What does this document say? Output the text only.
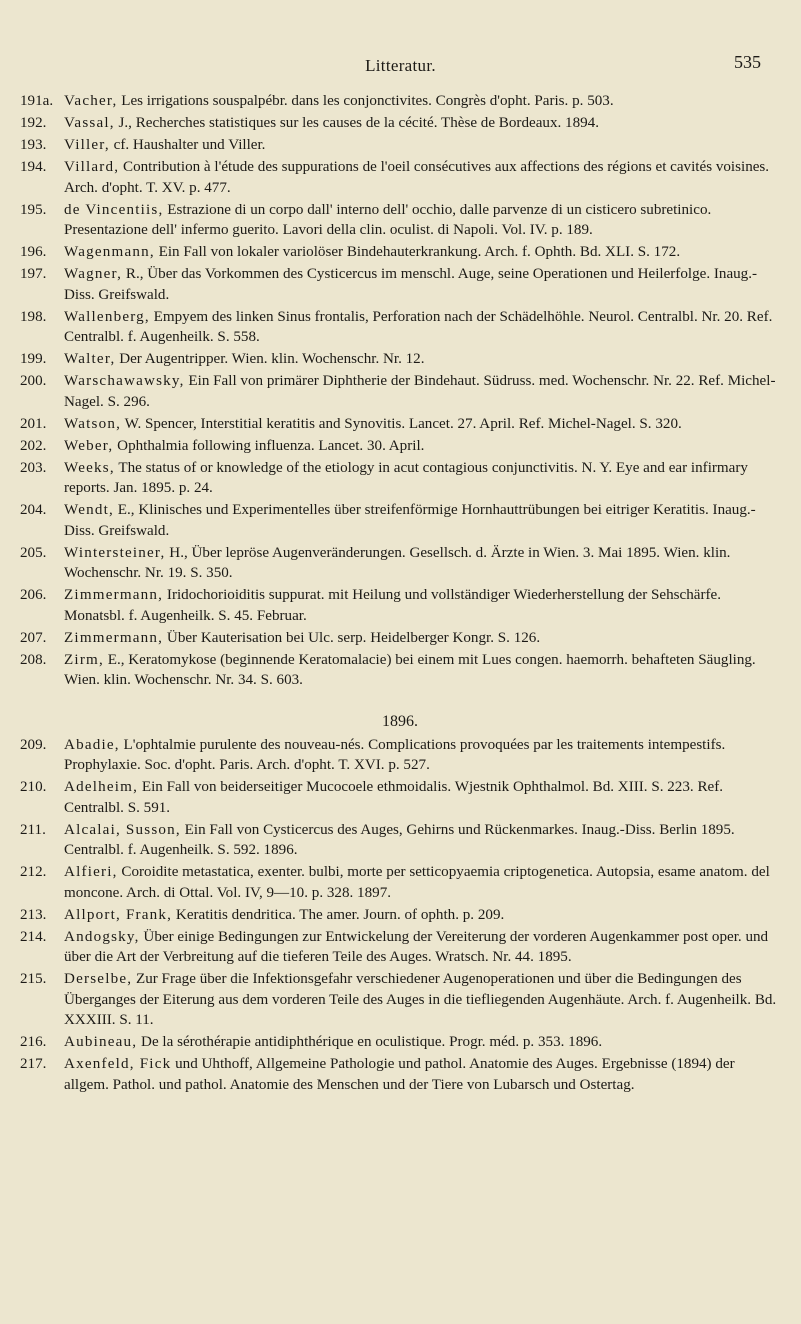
Litteratur.	535
191a. Vacher, Les irrigations souspalpébr. dans les conjonctivites. Congrès d'opht. Paris. p. 503.
192. Vassal, J., Recherches statistiques sur les causes de la cécité. Thèse de Bordeaux. 1894.
193. Viller, cf. Haushalter und Viller.
194. Villard, Contribution à l'étude des suppurations de l'oeil consécutives aux affections des régions et cavités voisines. Arch. d'opht. T. XV. p. 477.
195. de Vincentiis, Estrazione di un corpo dall' interno dell' occhio, dalle parvenze di un cisticero subretinico. Presentazione dell' infermo guerito. Lavori della clin. oculist. di Napoli. Vol. IV. p. 189.
196. Wagenmann, Ein Fall von lokaler variolöser Bindehauterkrankung. Arch. f. Ophth. Bd. XLI. S. 172.
197. Wagner, R., Über das Vorkommen des Cysticercus im menschl. Auge, seine Operationen und Heilerfolge. Inaug.-Diss. Greifswald.
198. Wallenberg, Empyem des linken Sinus frontalis, Perforation nach der Schädelhöhle. Neurol. Centralbl. Nr. 20. Ref. Centralbl. f. Augenheilk. S. 558.
199. Walter, Der Augentripper. Wien. klin. Wochenschr. Nr. 12.
200. Warschawawsky, Ein Fall von primärer Diphtherie der Bindehaut. Südruss. med. Wochenschr. Nr. 22. Ref. Michel-Nagel. S. 296.
201. Watson, W. Spencer, Interstitial keratitis and Synovitis. Lancet. 27. April. Ref. Michel-Nagel. S. 320.
202. Weber, Ophthalmia following influenza. Lancet. 30. April.
203. Weeks, The status of or knowledge of the etiology in acut contagious conjunctivitis. N. Y. Eye and ear infirmary reports. Jan. 1895. p. 24.
204. Wendt, E., Klinisches und Experimentelles über streifenförmige Hornhauttrübungen bei eitriger Keratitis. Inaug.-Diss. Greifswald.
205. Wintersteiner, H., Über lepröse Augenveränderungen. Gesellsch. d. Ärzte in Wien. 3. Mai 1895. Wien. klin. Wochenschr. Nr. 19. S. 350.
206. Zimmermann, Iridochorioiditis suppurat. mit Heilung und vollständiger Wiederherstellung der Sehschärfe. Monatsbl. f. Augenheilk. S. 45. Februar.
207. Zimmermann, Über Kauterisation bei Ulc. serp. Heidelberger Kongr. S. 126.
208. Zirm, E., Keratomykose (beginnende Keratomalacie) bei einem mit Lues congen. haemorrh. behafteten Säugling. Wien. klin. Wochenschr. Nr. 34. S. 603.
1896.
209. Abadie, L'ophtalmie purulente des nouveau-nés. Complications provoquées par les traitements intempestifs. Prophylaxie. Soc. d'opht. Paris. Arch. d'opht. T. XVI. p. 527.
210. Adelheim, Ein Fall von beiderseitiger Mucocoele ethmoidalis. Wjestnik Ophthalmol. Bd. XIII. S. 223. Ref. Centralbl. S. 591.
211. Alcalai, Susson, Ein Fall von Cysticercus des Auges, Gehirns und Rückenmarkes. Inaug.-Diss. Berlin 1895. Centralbl. f. Augenheilk. S. 592. 1896.
212. Alfieri, Coroidite metastatica, exenter. bulbi, morte per setticopyaemia criptogenetica. Autopsia, esame anatom. del moncone. Arch. di Ottal. Vol. IV, 9—10. p. 328. 1897.
213. Allport, Frank, Keratitis dendritica. The amer. Journ. of ophth. p. 209.
214. Andogsky, Über einige Bedingungen zur Entwickelung der Vereiterung der vorderen Augenkammer post oper. und über die Art der Verbreitung auf die tieferen Teile des Auges. Wratsch. Nr. 44. 1895.
215. Derselbe, Zur Frage über die Infektionsgefahr verschiedener Augenoperationen und über die Bedingungen des Überganges der Eiterung aus dem vorderen Teile des Auges in die tiefliegenden Augenhäute. Arch. f. Augenheilk. Bd. XXXIII. S. 11.
216. Aubineau, De la sérothérapie antidiphthérique en oculistique. Progr. méd. p. 353. 1896.
217. Axenfeld, Fick und Uhthoff, Allgemeine Pathologie und pathol. Anatomie des Auges. Ergebnisse (1894) der allgem. Pathol. und pathol. Anatomie des Menschen und der Tiere von Lubarsch und Ostertag.
